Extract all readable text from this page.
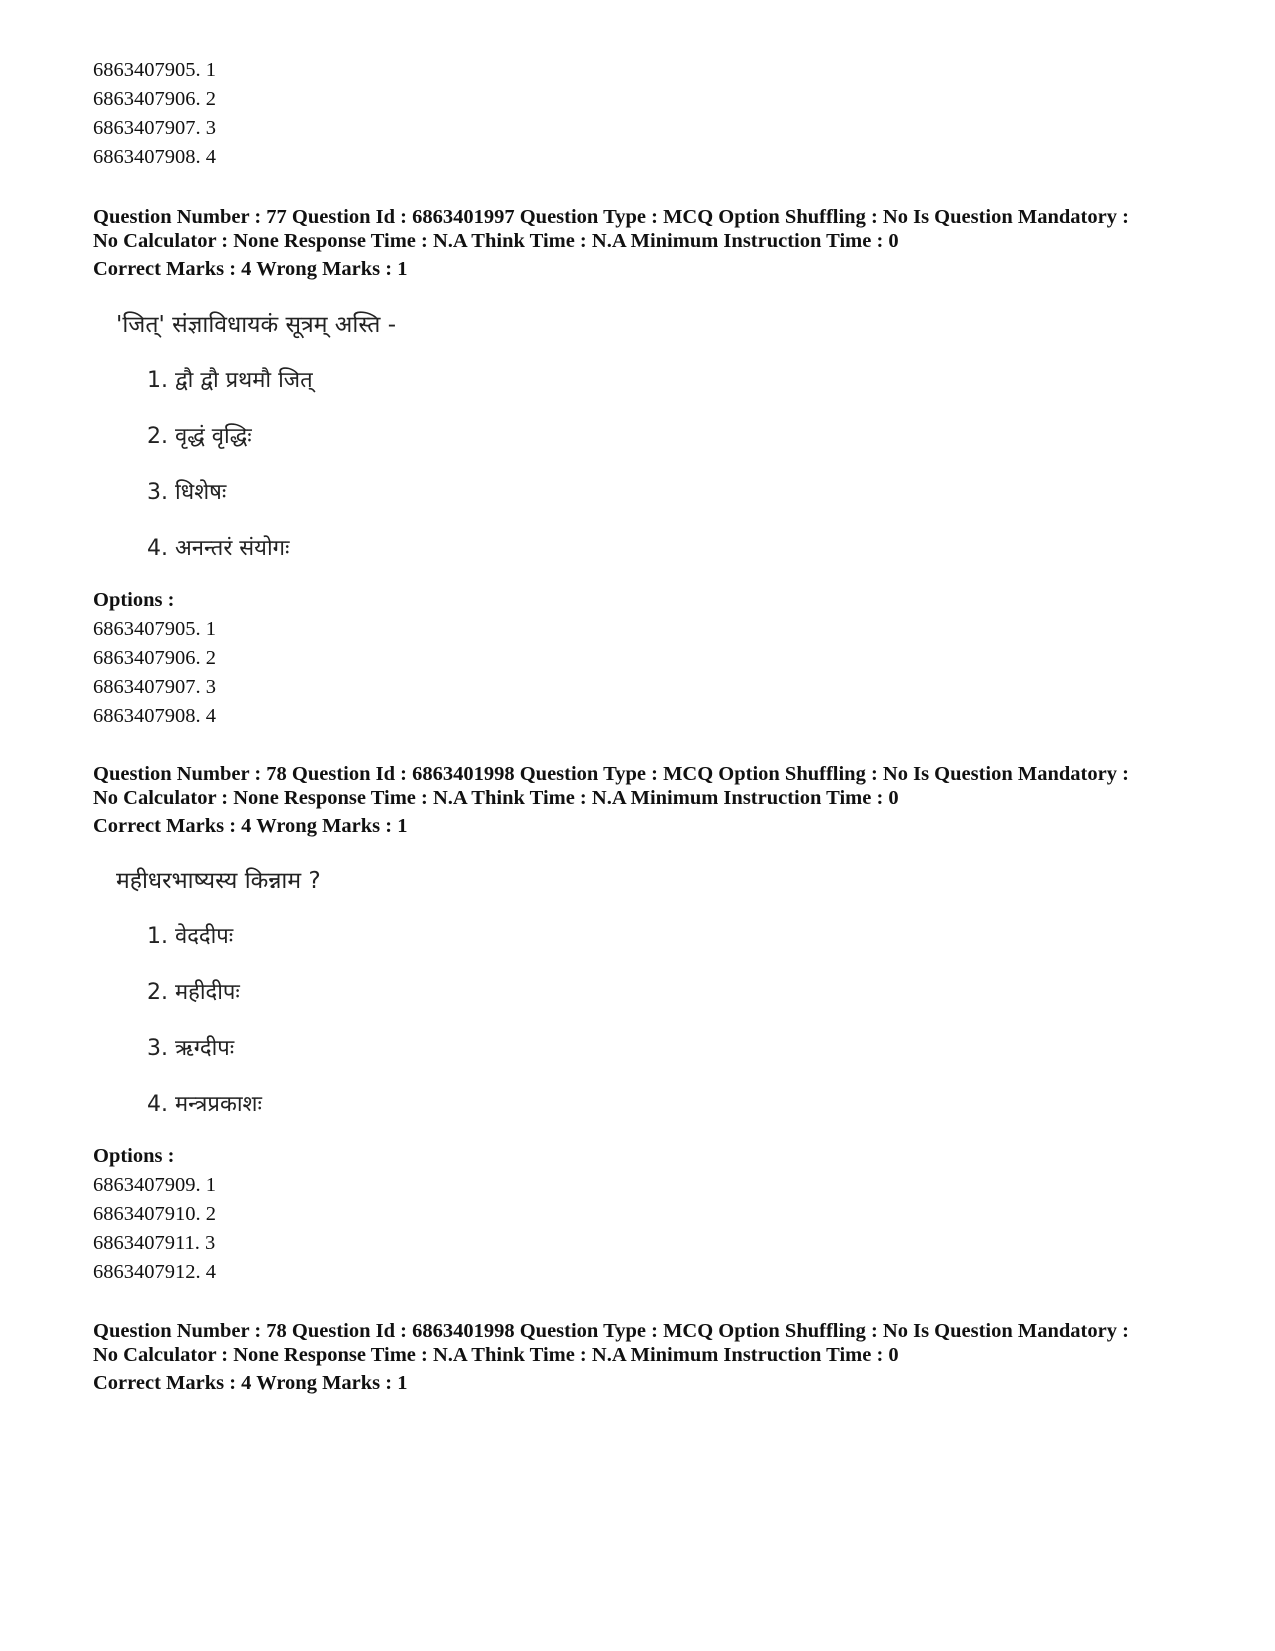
6863407905. 1
6863407906. 2
6863407907. 3
6863407908. 4
Question Number : 77 Question Id : 6863401997 Question Type : MCQ Option Shuffling : No Is Question Mandatory :
No Calculator : None Response Time : N.A Think Time : N.A Minimum Instruction Time : 0
Correct Marks : 4 Wrong Marks : 1
'जित्' संज्ञाविधायकं सूत्रम् अस्ति -
1. द्वौ द्वौ प्रथमौ जित्
2. वृद्धं वृद्धिः
3. धिशेषः
4. अनन्तरं संयोगः
Options :
6863407905. 1
6863407906. 2
6863407907. 3
6863407908. 4
Question Number : 78 Question Id : 6863401998 Question Type : MCQ Option Shuffling : No Is Question Mandatory :
No Calculator : None Response Time : N.A Think Time : N.A Minimum Instruction Time : 0
Correct Marks : 4 Wrong Marks : 1
महीधरभाष्यस्य किन्नाम ?
1. वेददीपः
2. महीदीपः
3. ऋग्दीपः
4. मन्त्रप्रकाशः
Options :
6863407909. 1
6863407910. 2
6863407911. 3
6863407912. 4
Question Number : 78 Question Id : 6863401998 Question Type : MCQ Option Shuffling : No Is Question Mandatory :
No Calculator : None Response Time : N.A Think Time : N.A Minimum Instruction Time : 0
Correct Marks : 4 Wrong Marks : 1
